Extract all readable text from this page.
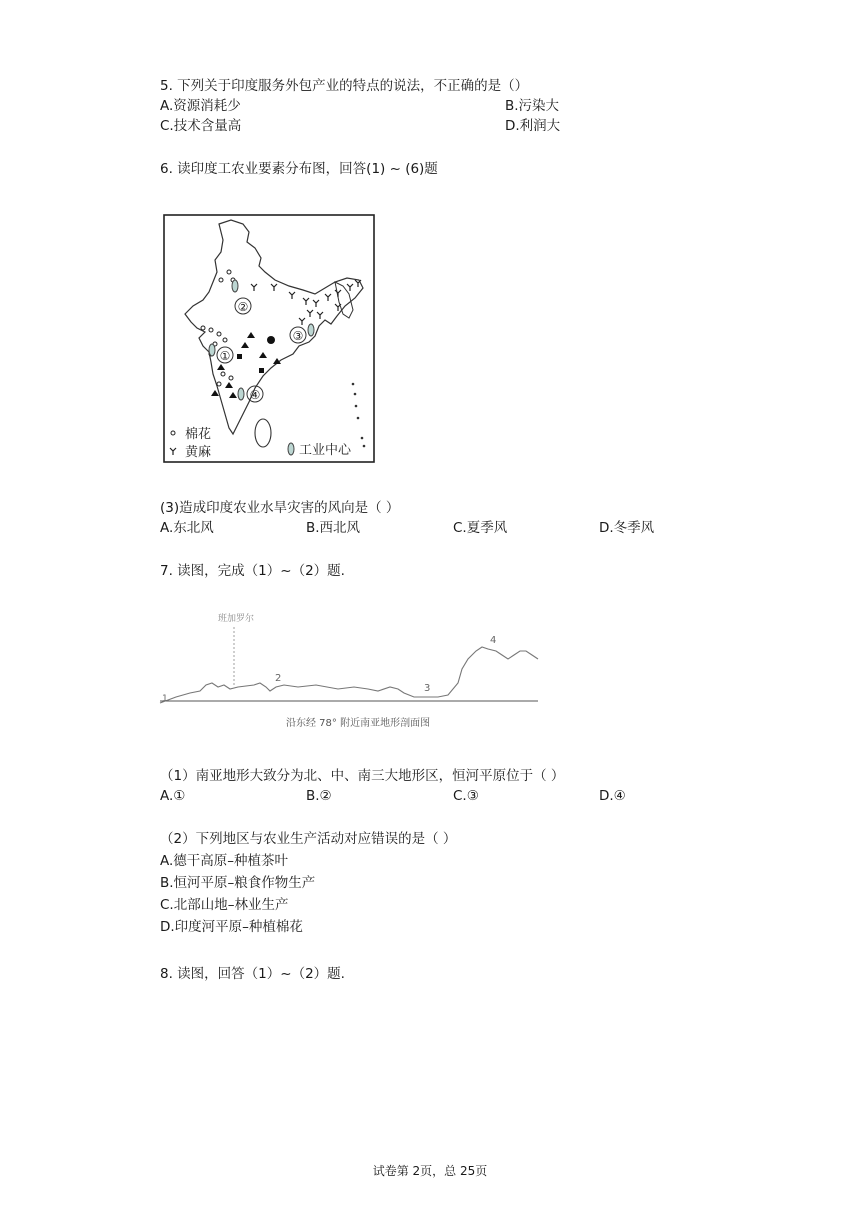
5. 下列关于印度服务外包产业的特点的说法，不正确的是（）
A.资源消耗少	B.污染大
C.技术含量高	D.利润大
6. 读印度工农业要素分布图，回答(1) ~ (6)题
②
①
③
④
棉花
黄麻	工业中心
(3)造成印度农业水旱灾害的风向是（ ）
A.东北风	B.西北风	C.夏季风	D.冬季风
7. 读图，完成（1）~（2）题.
班加罗尔
1
2
3
4
沿东经 78° 附近南亚地形剖面图
（1）南亚地形大致分为北、中、南三大地形区，恒河平原位于（ ）
A.①	B.②	C.③	D.④
（2）下列地区与农业生产活动对应错误的是（ ）
A.德干高原–种植茶叶
B.恒河平原–粮食作物生产
C.北部山地–林业生产
D.印度河平原–种植棉花
8. 读图，回答（1）~（2）题.
试卷第 2页，总 25页
